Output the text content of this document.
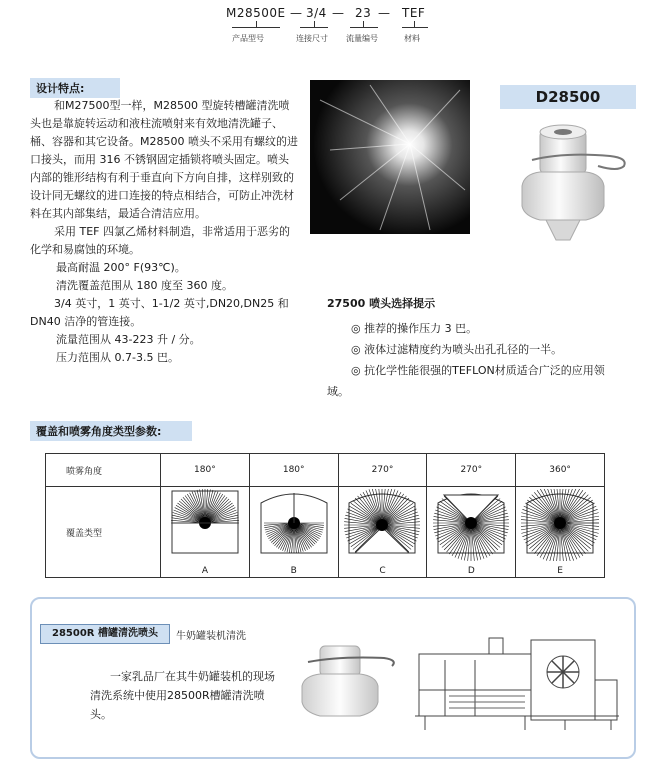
M28500E — 3/4 — 23 — TEF
产品型号	连接尺寸 流量编号	材料
设计特点:

和M27500型一样，M28500 型旋转槽罐清洗喷头也是靠旋转运动和液柱流喷射来有效地清洗罐子、桶、容器和其它设备。M28500 喷头不采用有螺纹的进口接头，而用 316 不锈钢固定插锁将喷头固定。喷头内部的锥形结构有利于垂直向下方向自排，这样别致的设计同无螺纹的进口连接的特点相结合，可防止冲洗材料在其内部集结，最适合清洁应用。

采用 TEF 四氯乙烯材料制造，非常适用于恶劣的化学和易腐蚀的环境。

最高耐温 200° F(93℃)。

清洗覆盖范围从 180 度至 360 度。

3/4 英寸，1 英寸、1-1/2 英寸,DN20,DN25 和 DN40 洁净的管连接。

流量范围从 43-223 升 / 分。

压力范围从 0.7-3.5 巴。

D28500
27500 喷头选择提示

◎ 推荐的操作压力 3 巴。

◎ 液体过滤精度约为喷头出孔孔径的一半。

◎ 抗化学性能很强的TEFLON材质适合广泛的应用领域。

覆盖和喷雾角度类型参数:
喷雾角度	180°	180°	270°	270°	360°
覆盖类型	A	B	C	D	E
28500R 槽罐清洗喷头	牛奶罐装机清洗
一家乳品厂在其牛奶罐装机的现场清洗系统中使用28500R槽罐清洗喷头。
